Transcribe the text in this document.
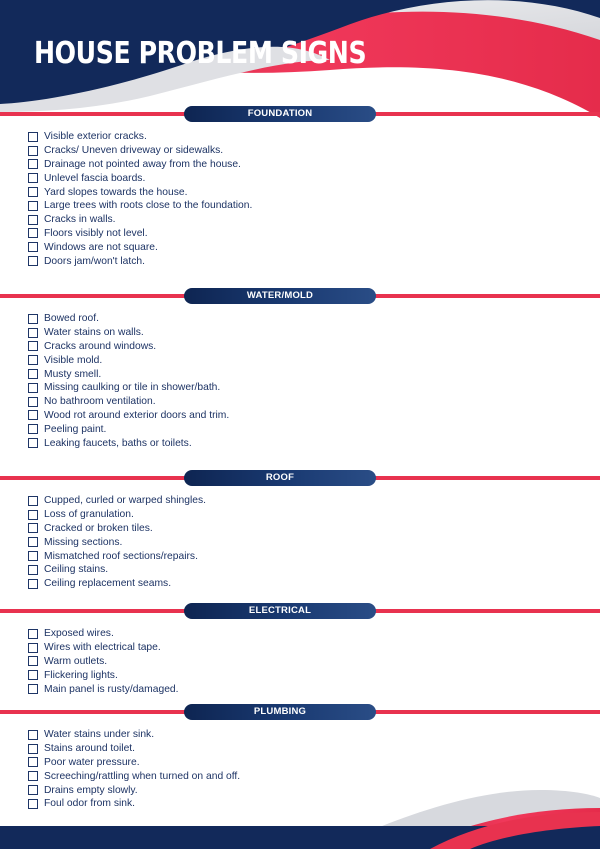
HOUSE PROBLEM SIGNS
FOUNDATION
Visible exterior cracks.
Cracks/ Uneven driveway or sidewalks.
Drainage not pointed away from the house.
Unlevel fascia boards.
Yard slopes towards the house.
Large trees with roots close to the foundation.
Cracks in walls.
Floors visibly not level.
Windows are not square.
Doors jam/won't latch.
WATER/MOLD
Bowed roof.
Water stains on walls.
Cracks around windows.
Visible mold.
Musty smell.
Missing caulking or tile in shower/bath.
No bathroom ventilation.
Wood rot around exterior doors and trim.
Peeling paint.
Leaking faucets, baths or toilets.
ROOF
Cupped, curled or warped shingles.
Loss of granulation.
Cracked or broken tiles.
Missing sections.
Mismatched roof sections/repairs.
Ceiling stains.
Ceiling replacement seams.
ELECTRICAL
Exposed wires.
Wires with electrical tape.
Warm outlets.
Flickering lights.
Main panel is rusty/damaged.
PLUMBING
Water stains under sink.
Stains around toilet.
Poor water pressure.
Screeching/rattling when turned on and off.
Drains empty slowly.
Foul odor from sink.
